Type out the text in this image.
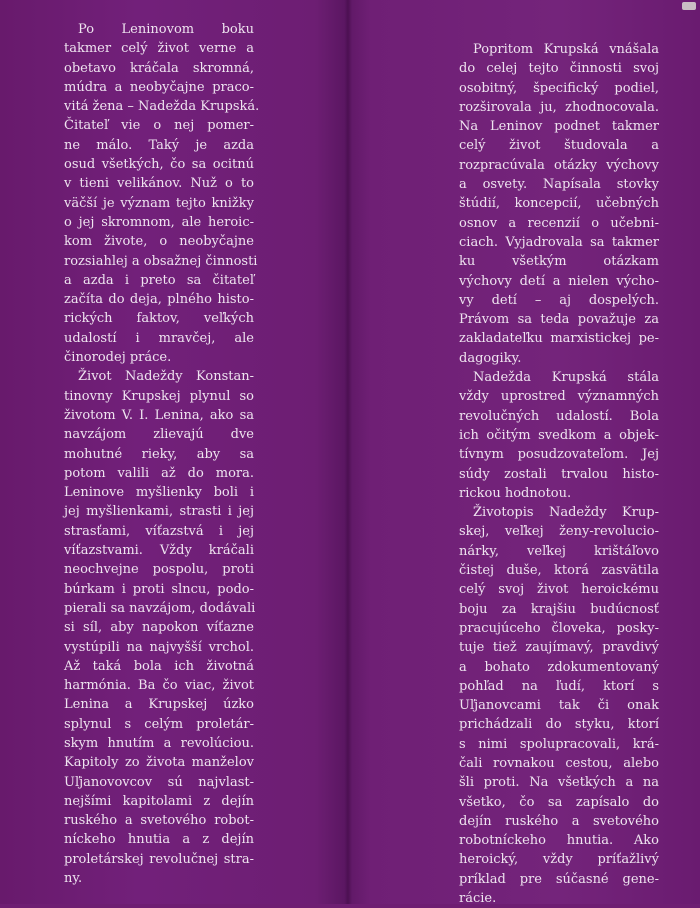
Po Leninovom boku
takmer celý život verne a
obetavo kráčala skromná,
múdra a neobyčajne praco-
vitá žena – Nadežda Krupská.
Čitateľ vie o nej pomer-
ne málo. Taký je azda
osud všetkých, čo sa ocitnú
v tieni velikánov. Nuž o to
väčší je význam tejto knižky
o jej skromnom, ale heroic-
kom živote, o neobyčajne
rozsiahlej a obsažnej činnosti
a azda i preto sa čitateľ
začíta do deja, plného histo-
rických faktov, veľkých
udalostí i mravčej, ale
činorodej práce.
Život Nadeždy Konstan-
tinovny Krupskej plynul so
životom V. I. Lenina, ako sa
navzájom zlievajú dve
mohutné rieky, aby sa
potom valili až do mora.
Leninove myšlienky boli i
jej myšlienkami, strasti i jej
strasťami, víťazstvá i jej
víťazstvami. Vždy kráčali
neochvejne pospolu, proti
búrkam i proti slncu, podo-
pierali sa navzájom, dodávali
si síl, aby napokon víťazne
vystúpili na najvyšší vrchol.
Až taká bola ich životná
harmónia. Ba čo viac, život
Lenina a Krupskej úzko
splynul s celým proletár-
skym hnutím a revolúciou.
Kapitoly zo života manželov
Uľjanovovcov sú najvlast-
nejšími kapitolami z dejín
ruského a svetového robot-
níckeho hnutia a z dejín
proletárskej revolučnej stra-
ny.
Popritom Krupská vnášala
do celej tejto činnosti svoj
osobitný, špecifický podiel,
rozširovala ju, zhodnocovala.
Na Leninov podnet takmer
celý život študovala a
rozpracúvala otázky výchovy
a osvety. Napísala stovky
štúdií, koncepcií, učebných
osnov a recenzií o učebni-
ciach. Vyjadrovala sa takmer
ku všetkým otázkam
výchovy detí a nielen výcho-
vy detí – aj dospelých.
Právom sa teda považuje za
zakladateľku marxistickej pe-
dagogiky.
Nadežda Krupská stála
vždy uprostred významných
revolučných udalostí. Bola
ich očitým svedkom a objek-
tívnym posudzovateľom. Jej
súdy zostali trvalou histo-
rickou hodnotou.
Životopis Nadeždy Krup-
skej, veľkej ženy-revolucio-
nárky, veľkej krištáľovo
čistej duše, ktorá zasvätila
celý svoj život heroickému
boju za krajšiu budúcnosť
pracujúceho človeka, posky-
tuje tiež zaujímavý, pravdivý
a bohato zdokumentovaný
pohľad na ľudí, ktorí s
Uľjanovcami tak či onak
prichádzali do styku, ktorí
s nimi spolupracovali, krá-
čali rovnakou cestou, alebo
šli proti. Na všetkých a na
všetko, čo sa zapísalo do
dejín ruského a svetového
robotníckeho hnutia. Ako
heroický, vždy príťažlivý
príklad pre súčasné gene-
rácie.
